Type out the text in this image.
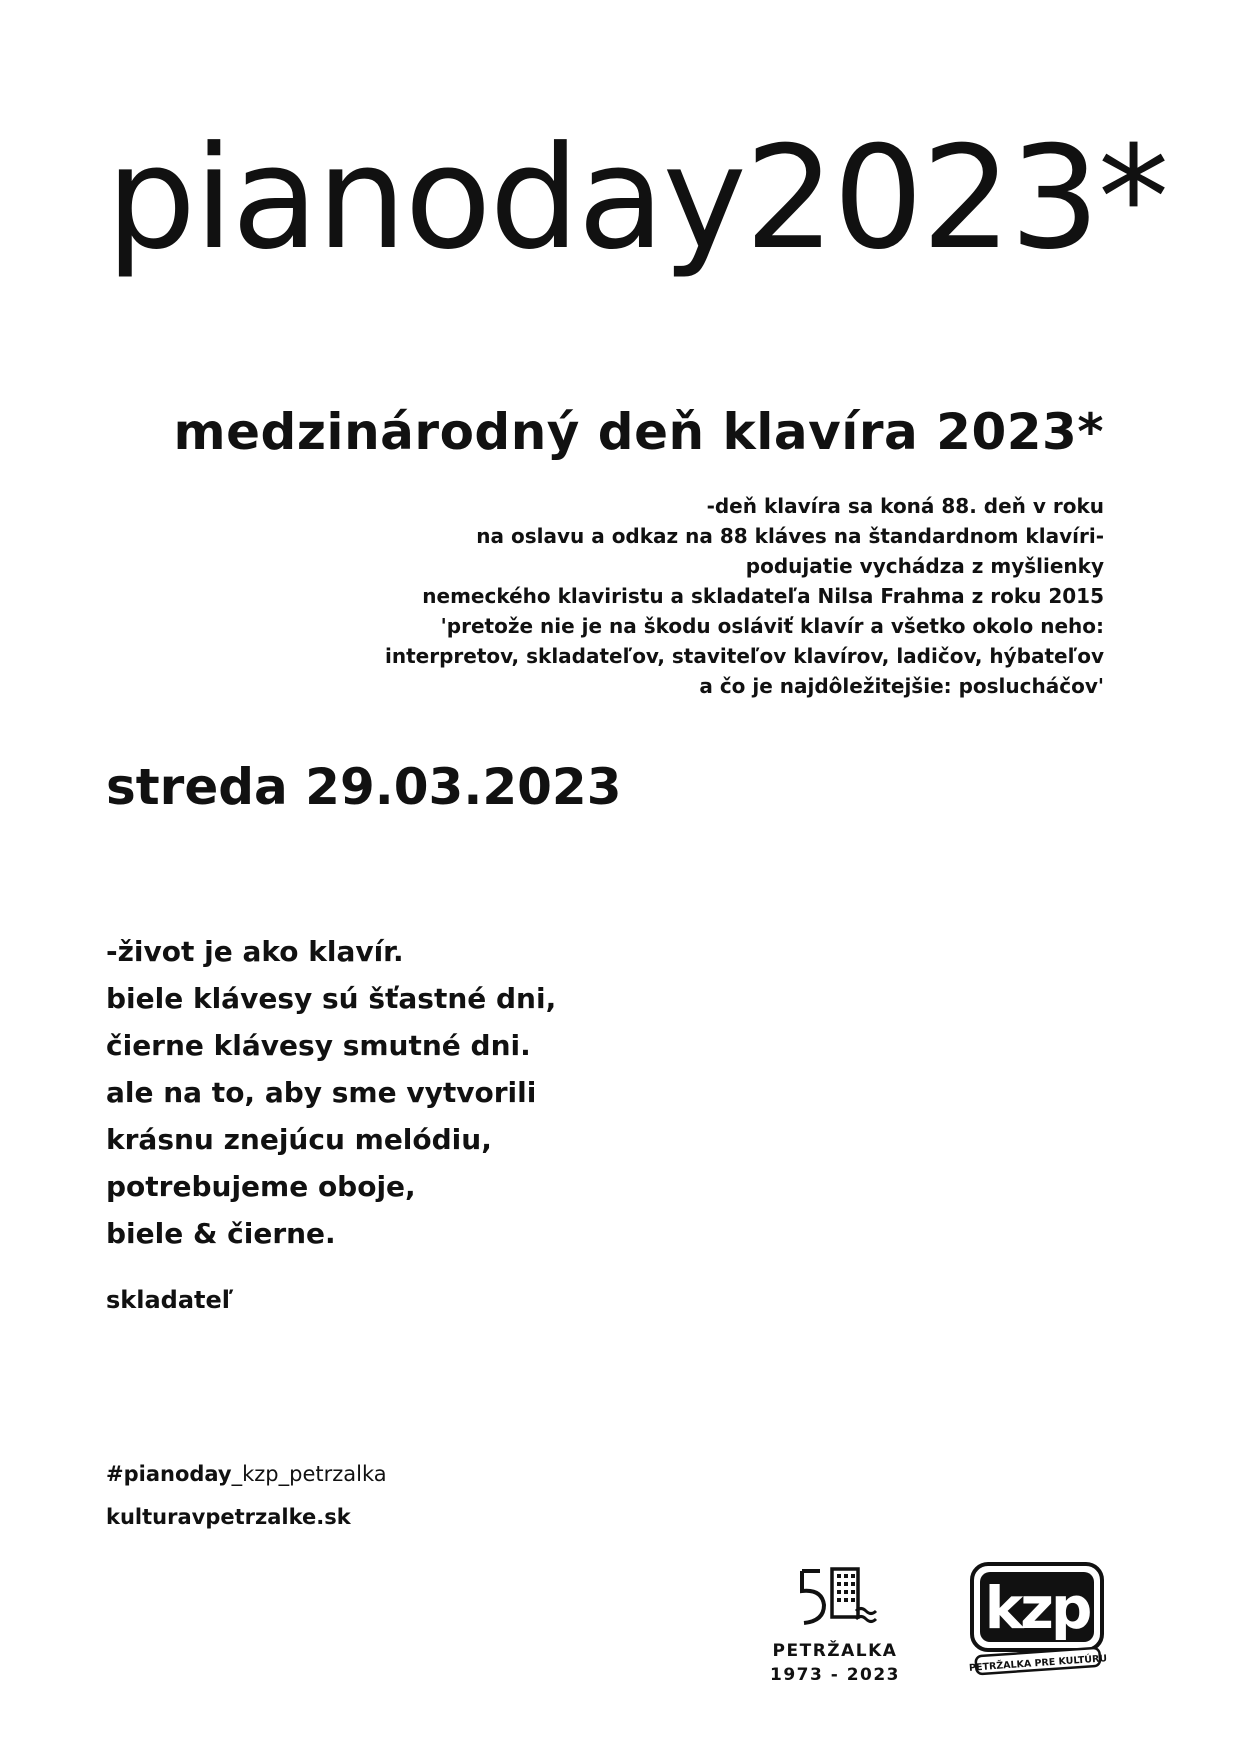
pianoday2023*
medzinárodný deň klavíra 2023*
-deň klavíra sa koná 88. deň v roku
na oslavu a odkaz na 88 kláves na štandardnom klavíri-
podujatie vychádza z myšlienky
nemeckého klaviristu a skladateľa Nilsa Frahma z roku 2015
'pretože nie je na škodu osláviť klavír a všetko okolo neho:
interpretov, skladateľov, staviteľov klavírov, ladičov, hýbateľov
a čo je najdôležitejšie: poslucháčov'
streda 29.03.2023
-život je ako klavír.
biele klávesy sú šťastné dni,
čierne klávesy smutné dni.
ale na to, aby sme vytvorili
krásnu znejúcu melódiu,
potrebujeme oboje,
biele & čierne.
skladateľ
#pianoday_kzp_petrzalka
kulturavpetrzalke.sk
PETRŽALKA
1973 - 2023
kzp
PETRŽALKA PRE KULTÚRU
